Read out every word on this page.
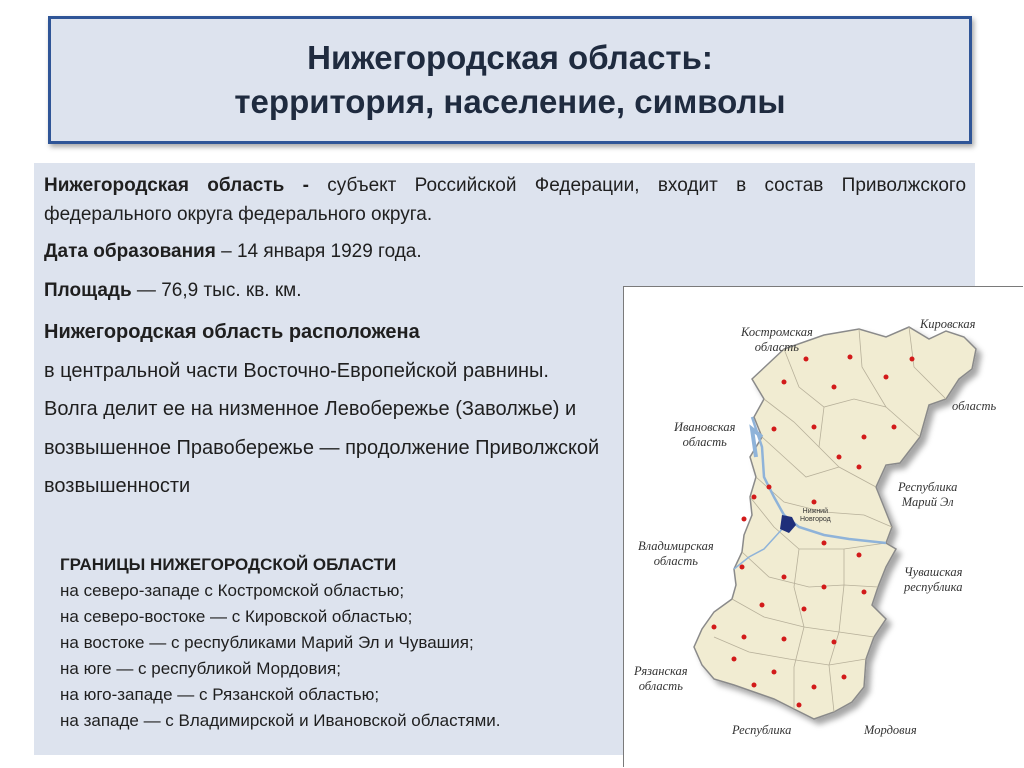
Нижегородская область:
территория, население, символы
Нижегородская область - субъект Российской Федерации, входит в состав Приволжского федерального округа федерального округа.
Дата образования – 14 января 1929 года.
Площадь — 76,9 тыс. кв. км.
Нижегородская область расположена
в центральной части Восточно-Европейской равнины. Волга делит ее на низменное Левобережье (Заволжье) и возвышенное Правобережье — продолжение Приволжской возвышенности
ГРАНИЦЫ НИЖЕГОРОДСКОЙ ОБЛАСТИ
на северо-западе с Костромской областью;
на северо-востоке — с Кировской областью;
на востоке — с республиками Марий Эл и Чувашия;
на юге — с республикой Мордовия;
на юго-западе — с Рязанской областью;
на западе — с Владимирской и Ивановской областями.
Костромская
область
Кировская
область
Ивановская
область
Республика
Марий Эл
Владимирская
область
Чувашская
республика
Рязанская
область
Республика	Мордовия
Нижний
Новгород
